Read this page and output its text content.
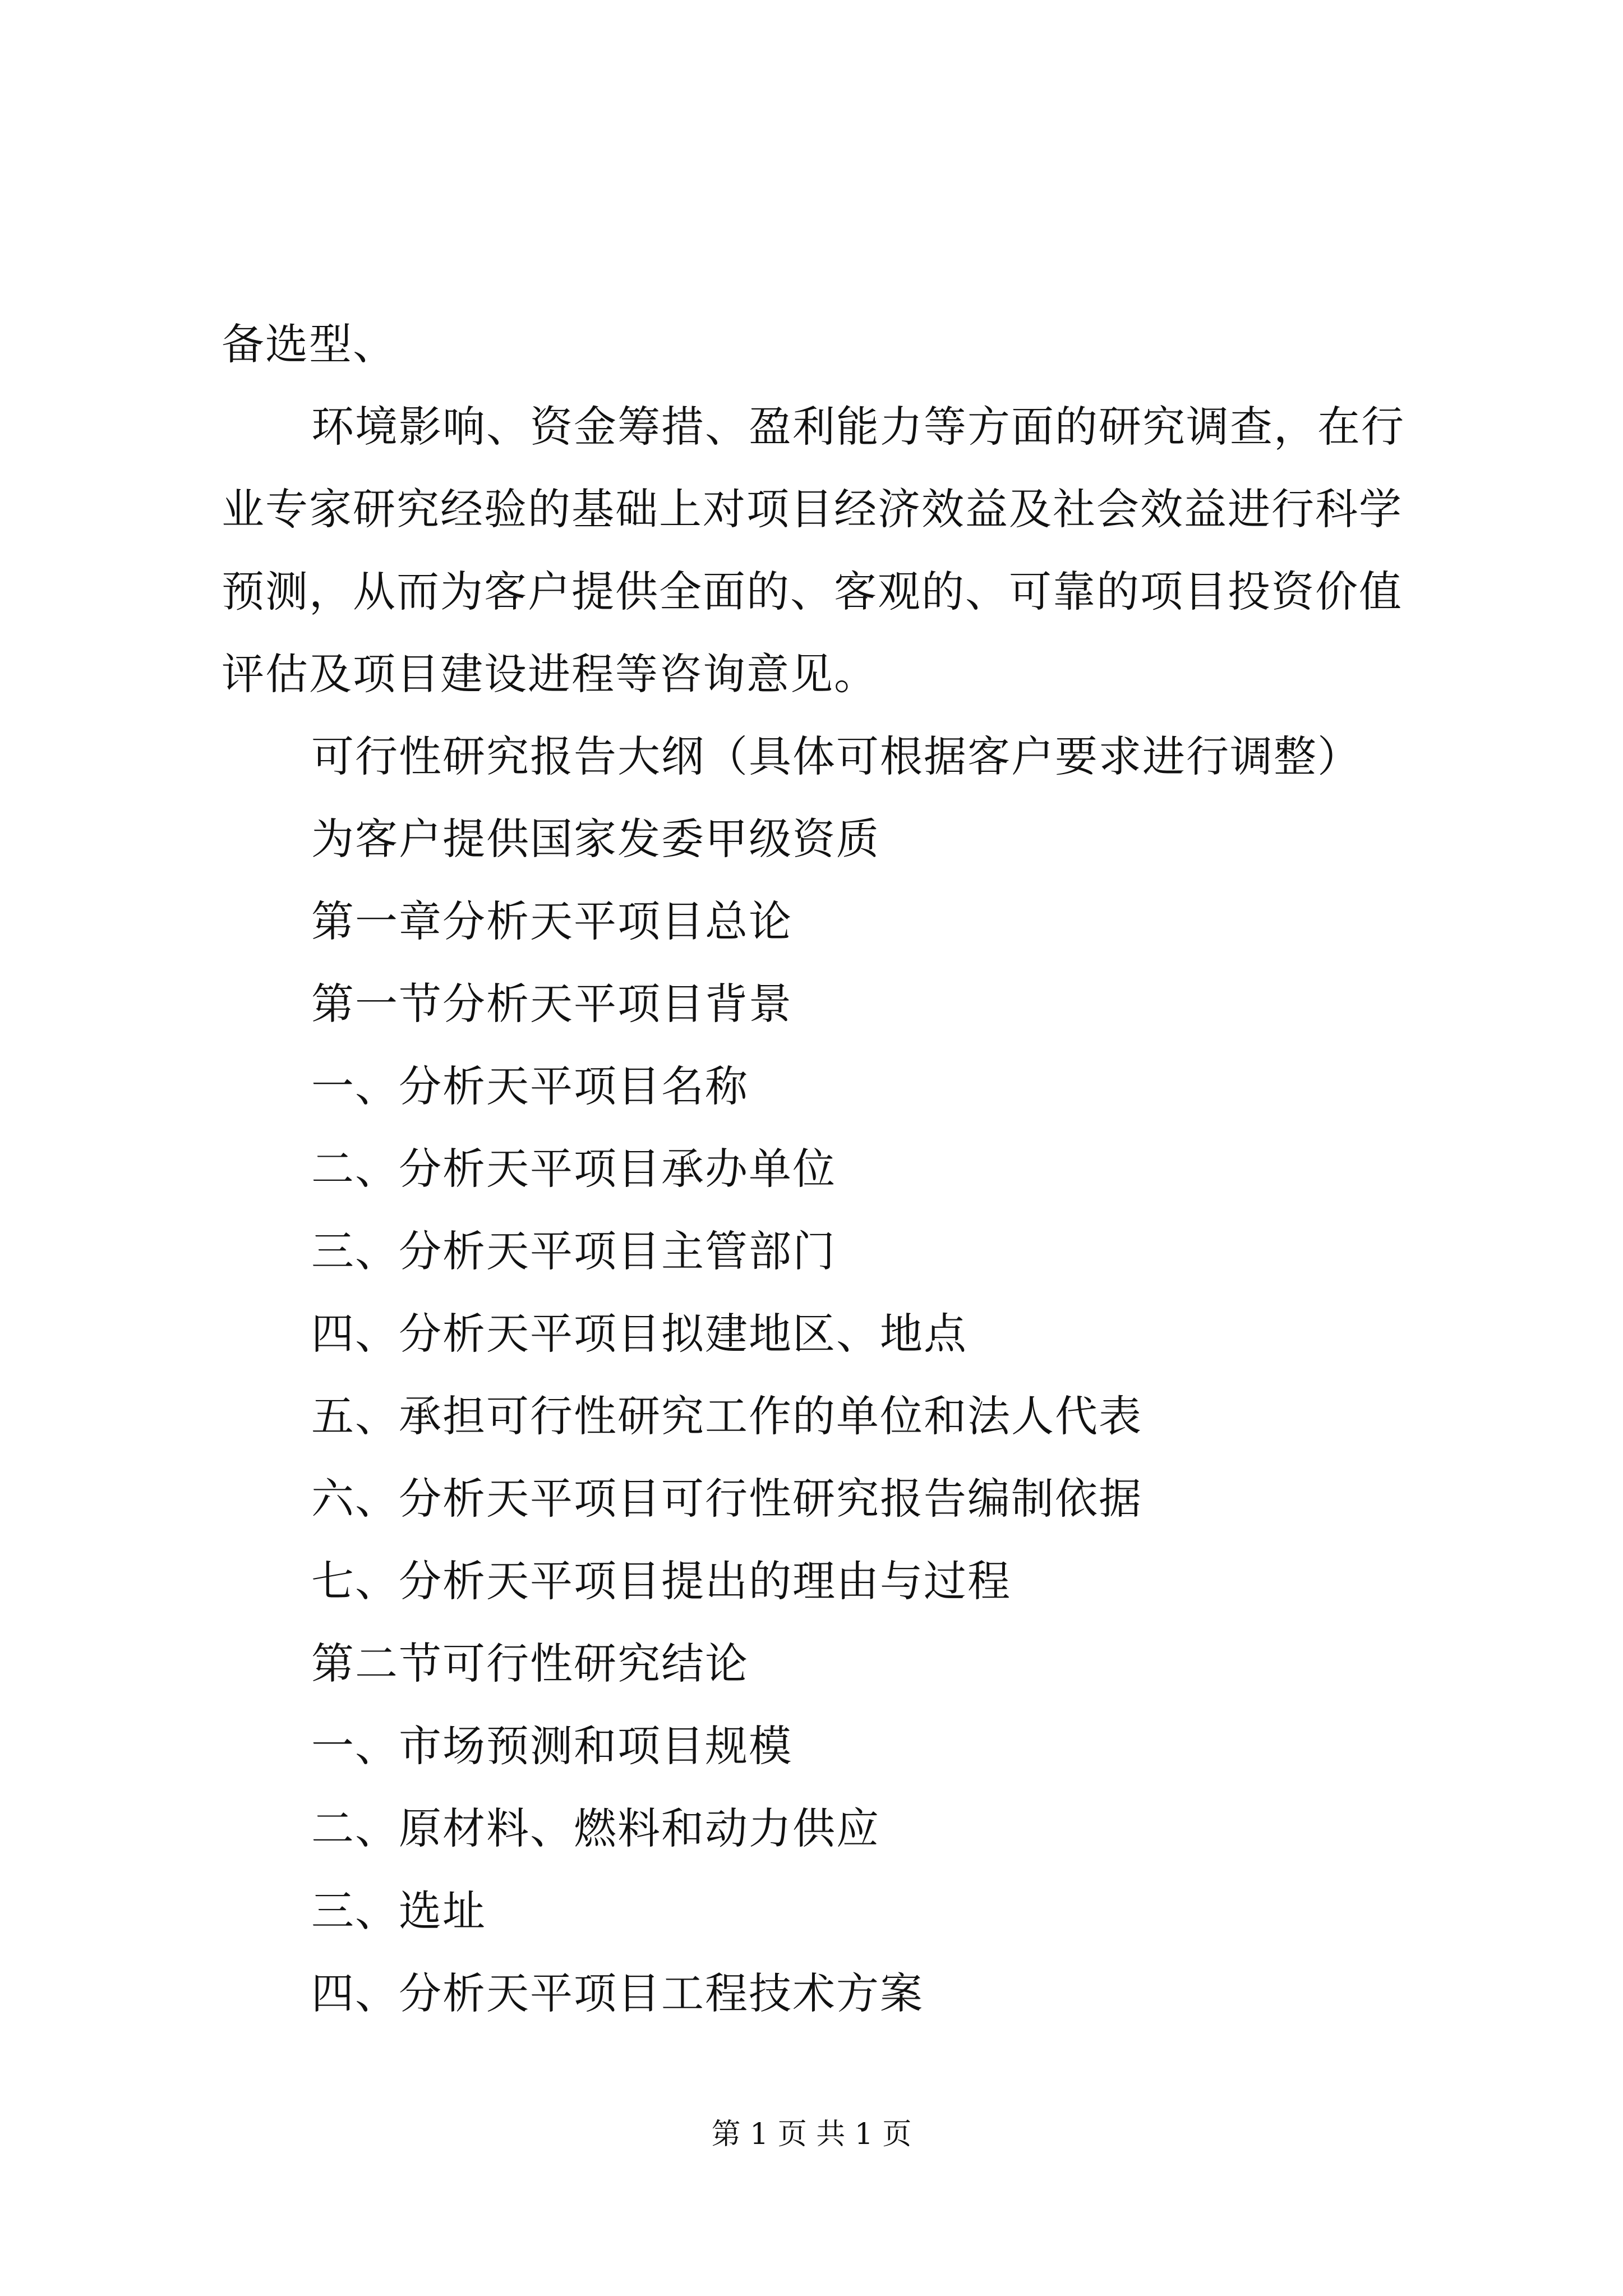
备选型、

环境影响、资金筹措、盈利能力等方面的研究调查，在行业专家研究经验的基础上对项目经济效益及社会效益进行科学预测，从而为客户提供全面的、客观的、可靠的项目投资价值评估及项目建设进程等咨询意见。

可行性研究报告大纲（具体可根据客户要求进行调整）

为客户提供国家发委甲级资质

第一章分析天平项目总论

第一节分析天平项目背景

一、分析天平项目名称

二、分析天平项目承办单位

三、分析天平项目主管部门

四、分析天平项目拟建地区、地点

五、承担可行性研究工作的单位和法人代表

六、分析天平项目可行性研究报告编制依据

七、分析天平项目提出的理由与过程

第二节可行性研究结论

一、市场预测和项目规模

二、原材料、燃料和动力供应

三、选址

四、分析天平项目工程技术方案

第 1 页 共 1 页
